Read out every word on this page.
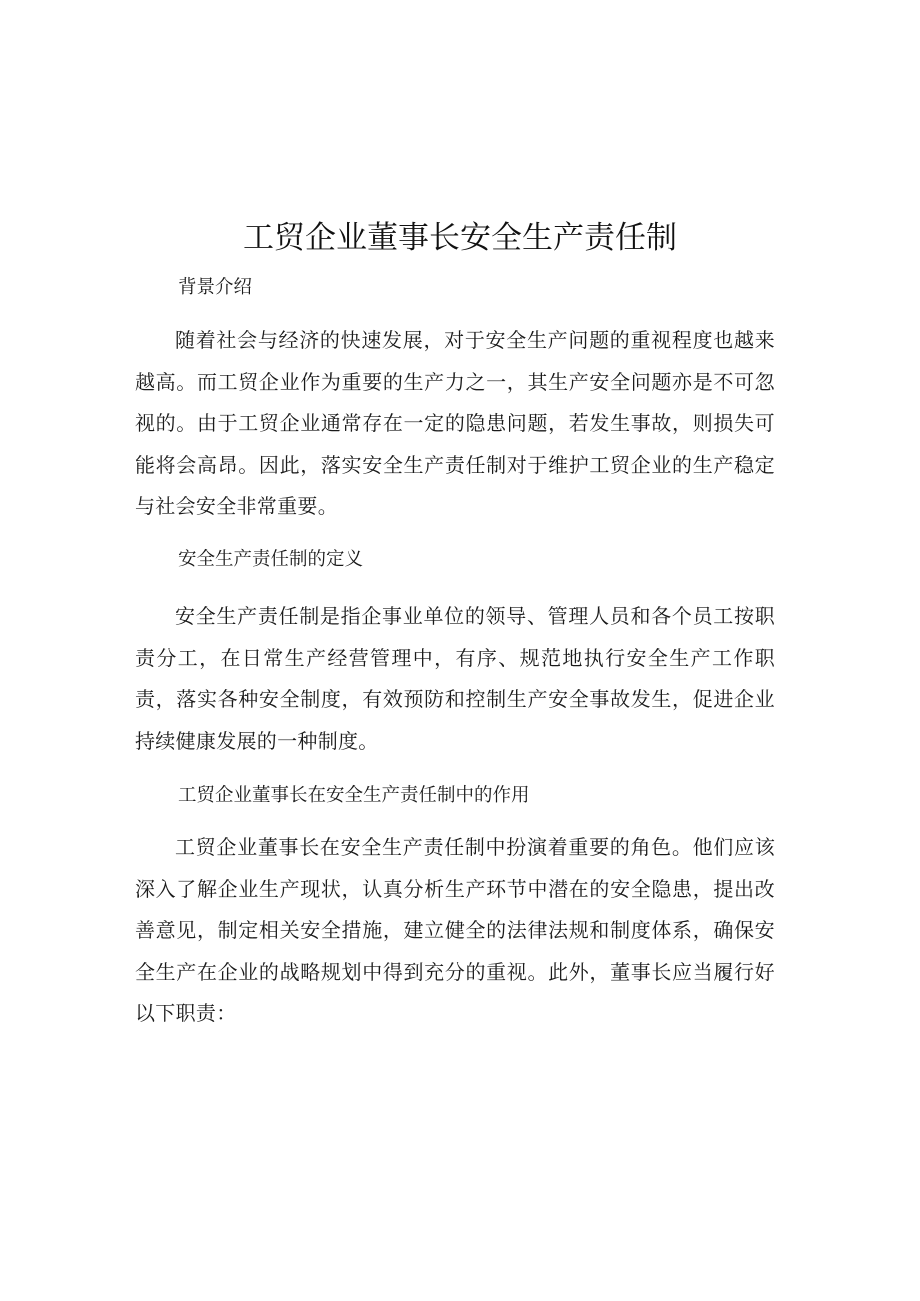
工贸企业董事长安全生产责任制
背景介绍

随着社会与经济的快速发展，对于安全生产问题的重视程度也越来越高。而工贸企业作为重要的生产力之一，其生产安全问题亦是不可忽视的。由于工贸企业通常存在一定的隐患问题，若发生事故，则损失可能将会高昂。因此，落实安全生产责任制对于维护工贸企业的生产稳定与社会安全非常重要。

安全生产责任制的定义

安全生产责任制是指企事业单位的领导、管理人员和各个员工按职责分工，在日常生产经营管理中，有序、规范地执行安全生产工作职责，落实各种安全制度，有效预防和控制生产安全事故发生，促进企业持续健康发展的一种制度。

工贸企业董事长在安全生产责任制中的作用

工贸企业董事长在安全生产责任制中扮演着重要的角色。他们应该深入了解企业生产现状，认真分析生产环节中潜在的安全隐患，提出改善意见，制定相关安全措施，建立健全的法律法规和制度体系，确保安全生产在企业的战略规划中得到充分的重视。此外，董事长应当履行好以下职责：
